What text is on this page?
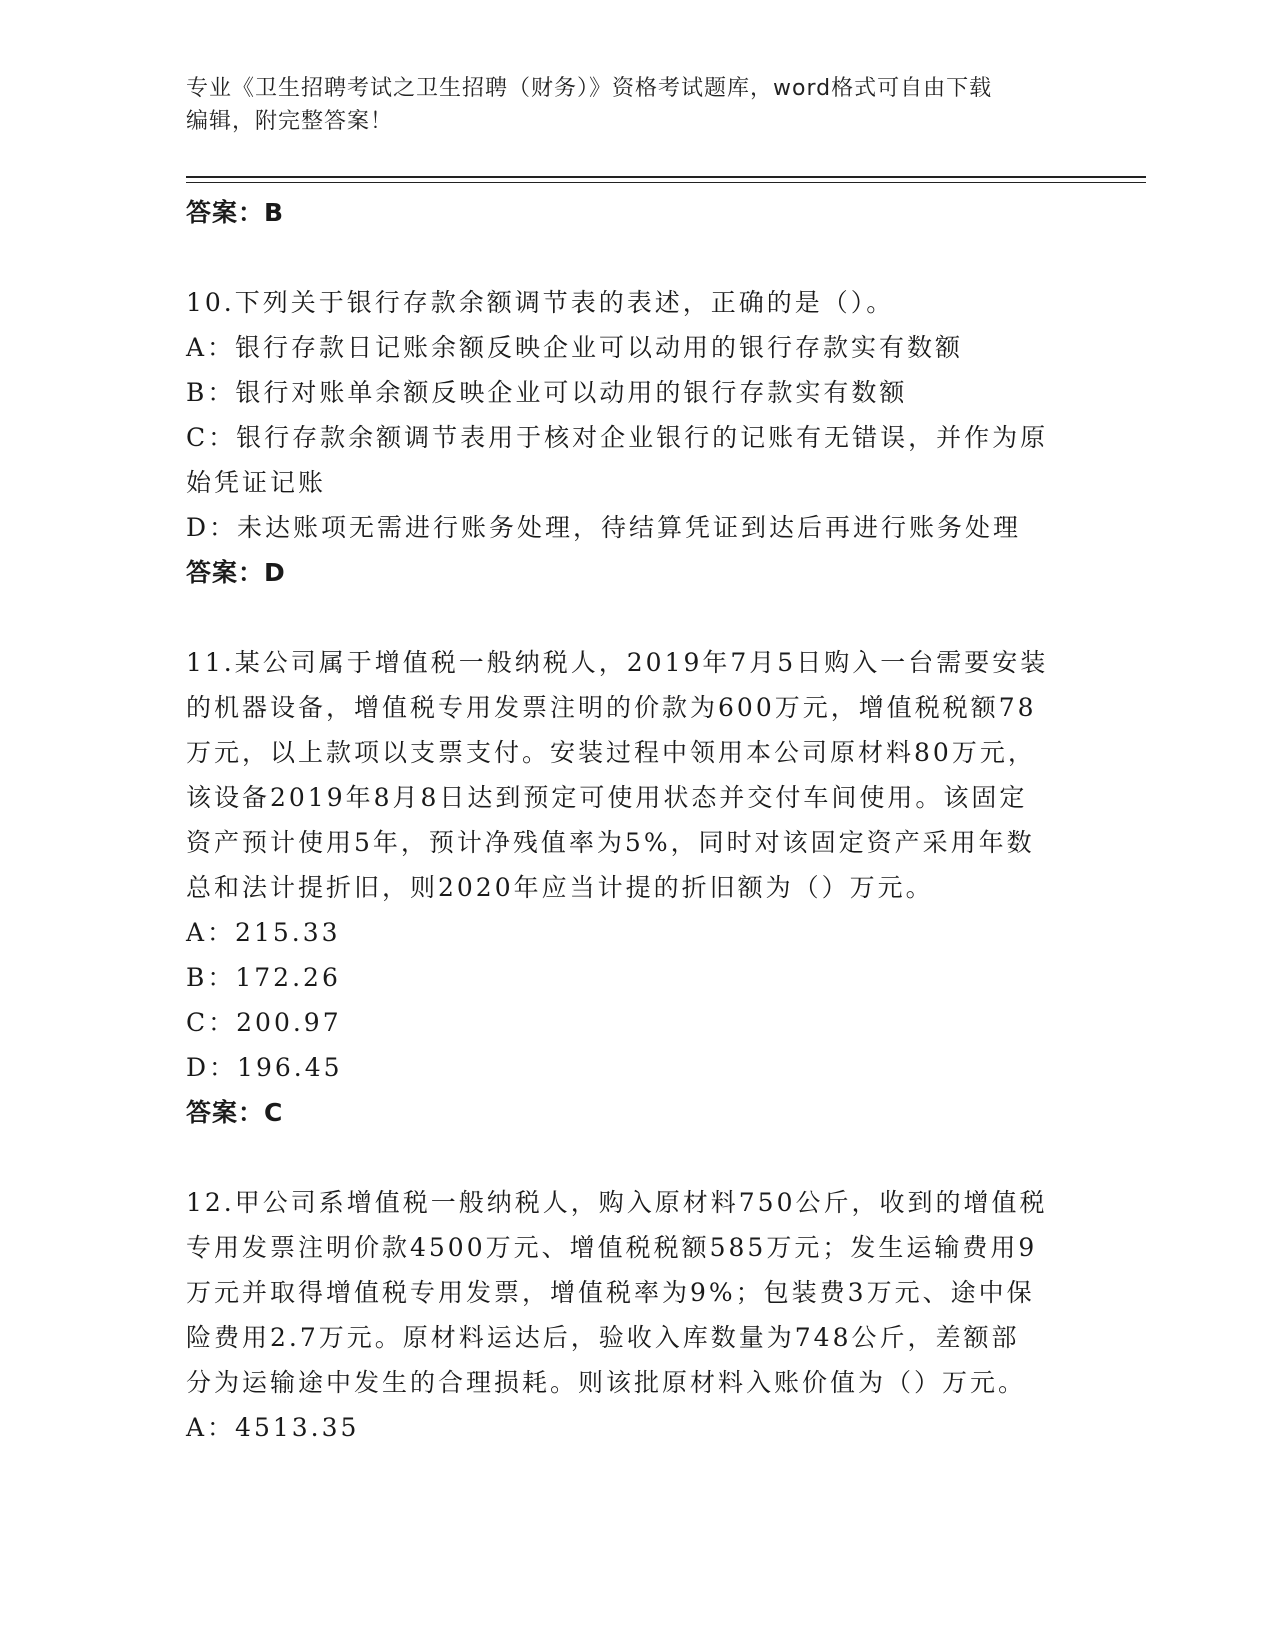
专业《卫生招聘考试之卫生招聘（财务）》资格考试题库，word格式可自由下载
编辑，附完整答案！
答案：B
10.下列关于银行存款余额调节表的表述，正确的是（）。
A：银行存款日记账余额反映企业可以动用的银行存款实有数额
B：银行对账单余额反映企业可以动用的银行存款实有数额
C：银行存款余额调节表用于核对企业银行的记账有无错误，并作为原
始凭证记账
D：未达账项无需进行账务处理，待结算凭证到达后再进行账务处理
答案：D
11.某公司属于增值税一般纳税人，2019年7月5日购入一台需要安装
的机器设备，增值税专用发票注明的价款为600万元，增值税税额78
万元，以上款项以支票支付。安装过程中领用本公司原材料80万元，
该设备2019年8月8日达到预定可使用状态并交付车间使用。该固定
资产预计使用5年，预计净残值率为5%，同时对该固定资产采用年数
总和法计提折旧，则2020年应当计提的折旧额为（）万元。
A：215.33
B：172.26
C：200.97
D：196.45
答案：C
12.甲公司系增值税一般纳税人，购入原材料750公斤，收到的增值税
专用发票注明价款4500万元、增值税税额585万元；发生运输费用9
万元并取得增值税专用发票，增值税率为9%；包装费3万元、途中保
险费用2.7万元。原材料运达后，验收入库数量为748公斤，差额部
分为运输途中发生的合理损耗。则该批原材料入账价值为（）万元。
A：4513.35
